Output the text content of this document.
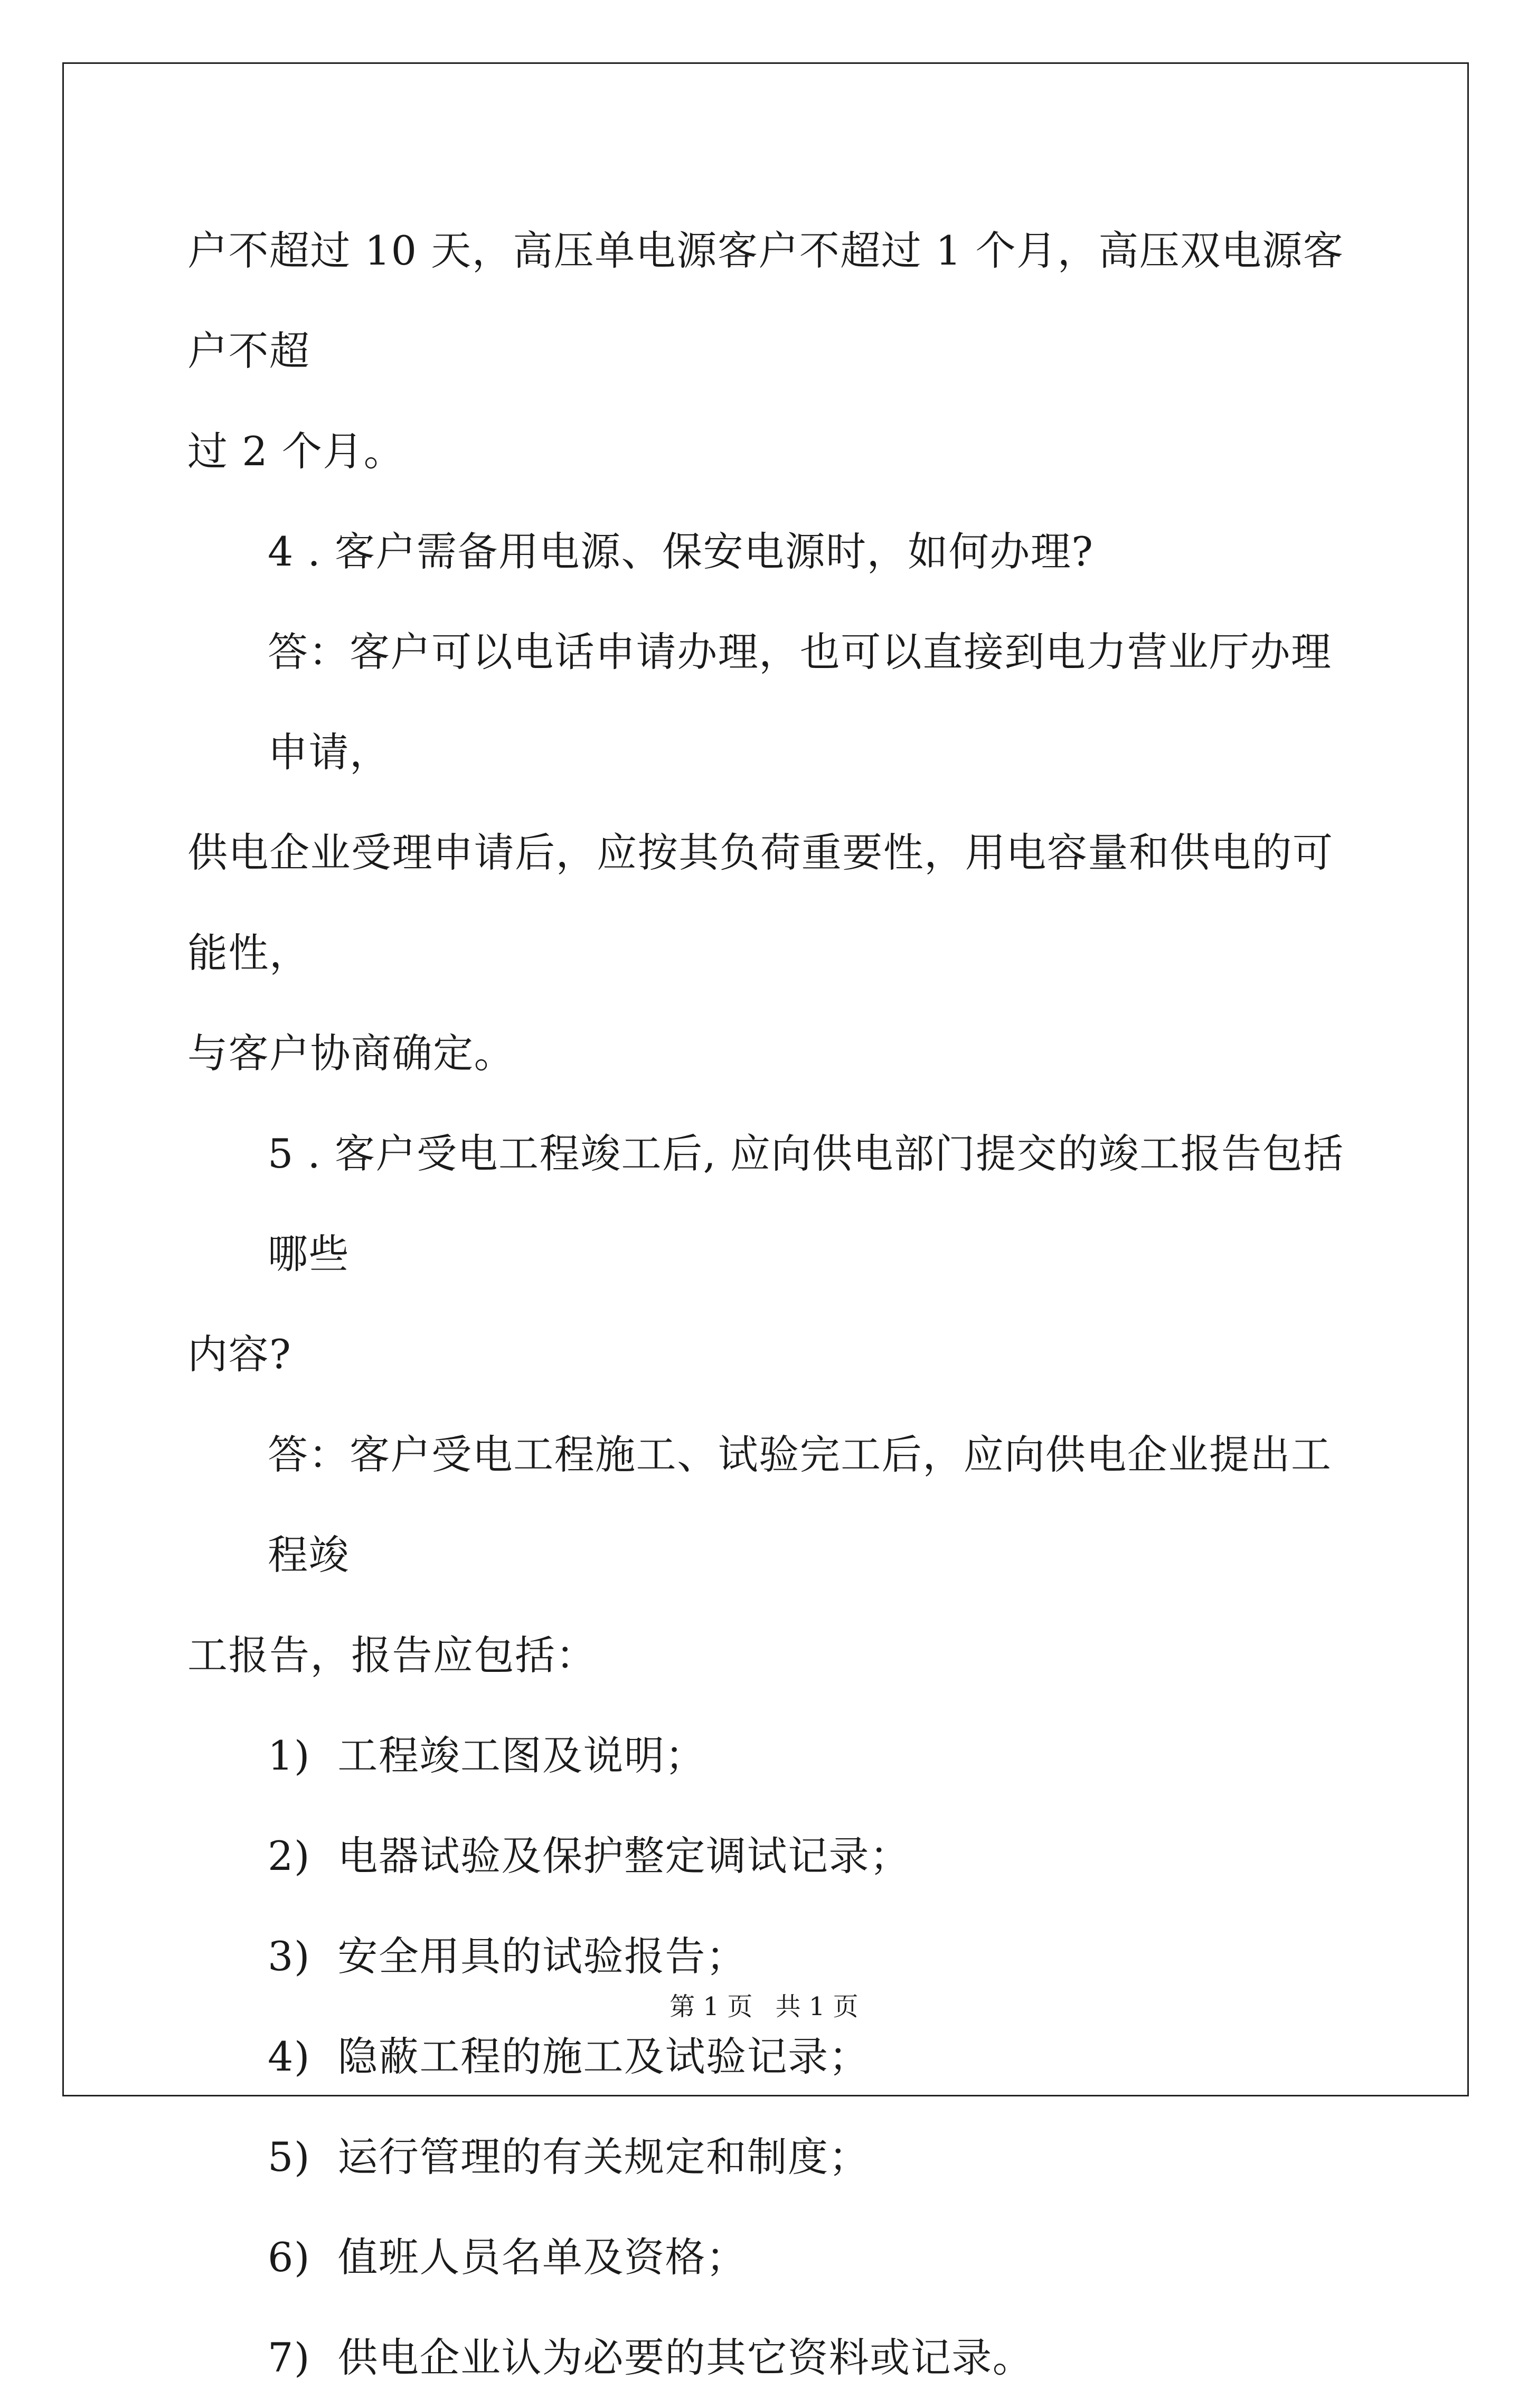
户不超过 10 天，高压单电源客户不超过 1 个月，高压双电源客户不超

过 2 个月。

4 . 客户需备用电源、保安电源时，如何办理?

答：客户可以电话申请办理，也可以直接到电力营业厅办理申请，

供电企业受理申请后，应按其负荷重要性，用电容量和供电的可能性，

与客户协商确定。

5 . 客户受电工程竣工后, 应向供电部门提交的竣工报告包括哪些

内容?

答：客户受电工程施工、试验完工后，应向供电企业提出工程竣

工报告，报告应包括：

1)  工程竣工图及说明；

2)  电器试验及保护整定调试记录；

3)  安全用具的试验报告；

4)  隐蔽工程的施工及试验记录；

5)  运行管理的有关规定和制度；

6)  值班人员名单及资格；

7)  供电企业认为必要的其它资料或记录。

第 1 页 共 1 页
